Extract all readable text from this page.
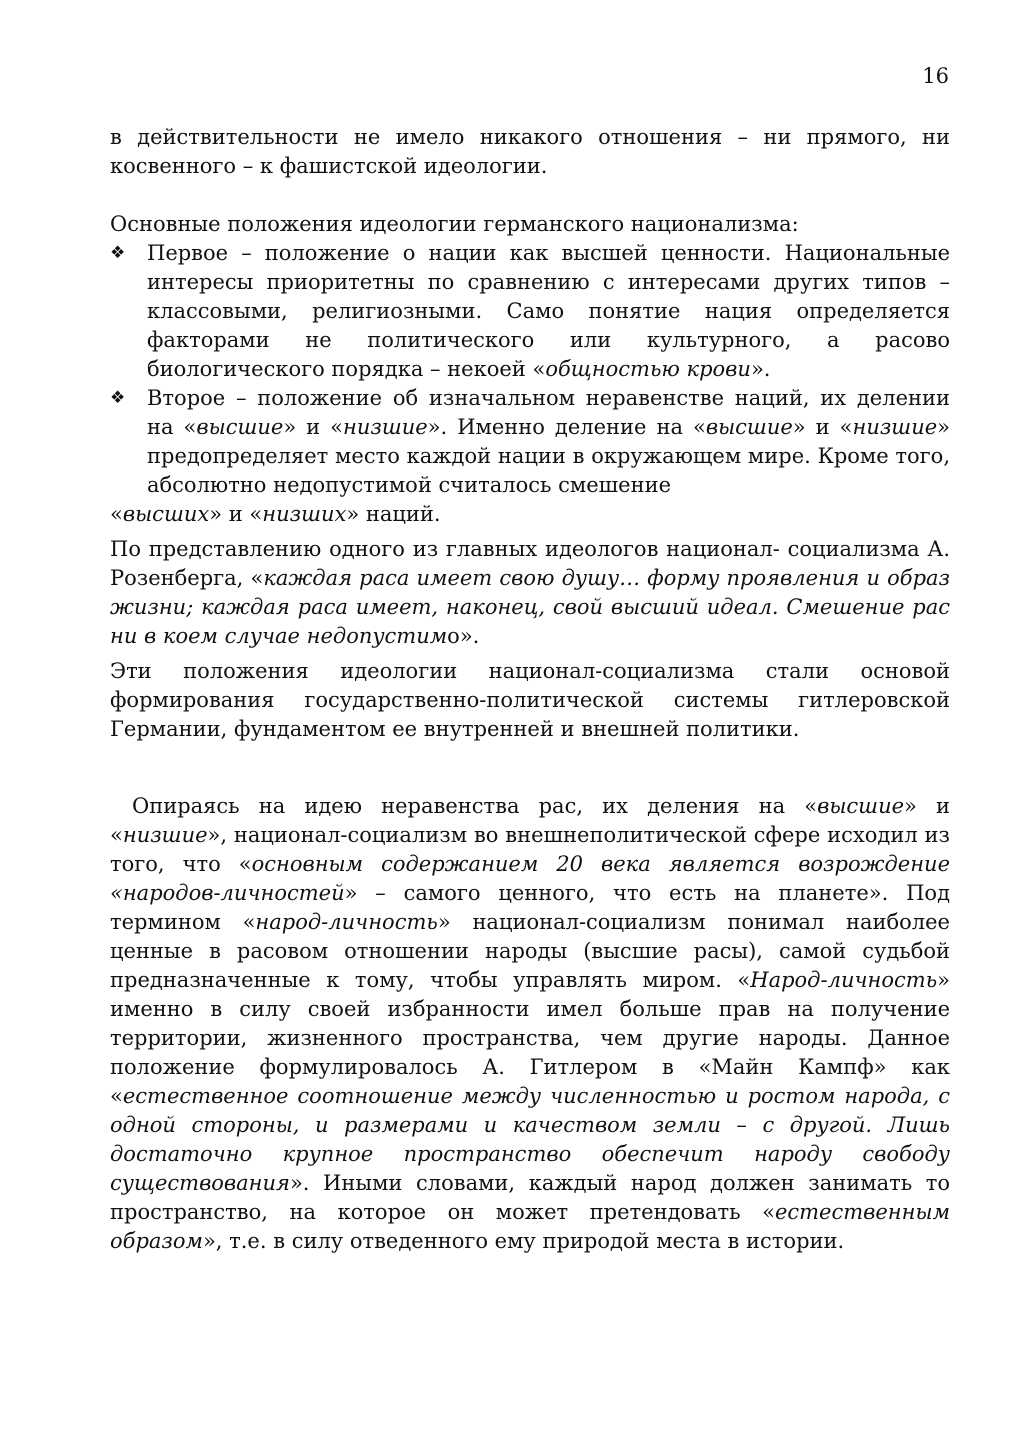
16

в действительности не имело никакого отношения – ни прямого, ни косвенного – к фашистской идеологии.

Основные положения идеологии германского национализма:

❖ Первое – положение о нации как высшей ценности. Национальные интересы приоритетны по сравнению с интересами других типов – классовыми, религиозными. Само понятие нация определяется факторами не политического или культурного, а расово биологического порядка – некоей «общностью крови».
❖ Второе – положение об изначальном неравенстве наций, их делении на «высшие» и «низшие». Именно деление на «высшие» и «низшие» предопределяет место каждой нации в окружающем мире. Кроме того, абсолютно недопустимой считалось смешение

«высших» и «низших» наций.

По представлению одного из главных идеологов национал- социализма А. Розенберга, «каждая раса имеет свою душу… форму проявления и образ жизни; каждая раса имеет, наконец, свой высший идеал. Смешение рас ни в коем случае недопустимо».

Эти положения идеологии национал-социализма стали основой формирования государственно-политической системы гитлеровской Германии, фундаментом ее внутренней и внешней политики.

Опираясь на идею неравенства рас, их деления на «высшие» и «низшие», национал-социализм во внешнеполитической сфере исходил из того, что «основным содержанием 20 века является возрождение «народов-личностей» – самого ценного, что есть на планете». Под термином «народ-личность» национал-социализм понимал наиболее ценные в расовом отношении народы (высшие расы), самой судьбой предназначенные к тому, чтобы управлять миром. «Народ-личность» именно в силу своей избранности имел больше прав на получение территории, жизненного пространства, чем другие народы. Данное положение формулировалось А. Гитлером в «Майн Кампф» как «естественное соотношение между численностью и ростом народа, с одной стороны, и размерами и качеством земли – с другой. Лишь достаточно крупное пространство обеспечит народу свободу существования». Иными словами, каждый народ должен занимать то пространство, на которое он может претендовать «естественным образом», т.е. в силу отведенного ему природой места в истории.
